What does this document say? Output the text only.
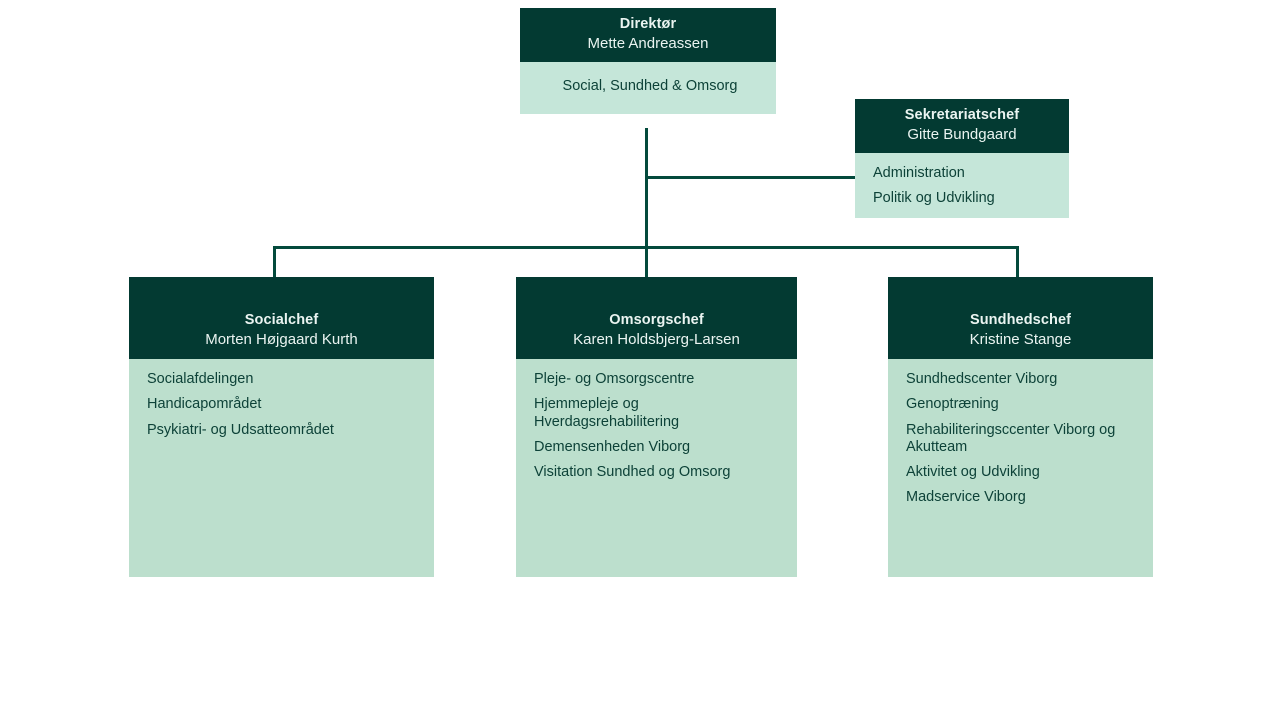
Direktør
Mette Andreassen
Social, Sundhed & Omsorg
Sekretariatschef
Gitte Bundgaard
Administration
Politik og Udvikling
Socialchef
Morten Højgaard Kurth
Socialafdelingen
Handicapområdet
Psykiatri- og Udsatteområdet
Omsorgschef
Karen Holdsbjerg-Larsen
Pleje- og Omsorgscentre
Hjemmepleje og Hverdagsrehabilitering
Demensenheden Viborg
Visitation Sundhed og Omsorg
Sundhedschef
Kristine Stange
Sundhedscenter Viborg
Genoptræning
Rehabiliteringsccenter Viborg og Akutteam
Aktivitet og Udvikling
Madservice Viborg
